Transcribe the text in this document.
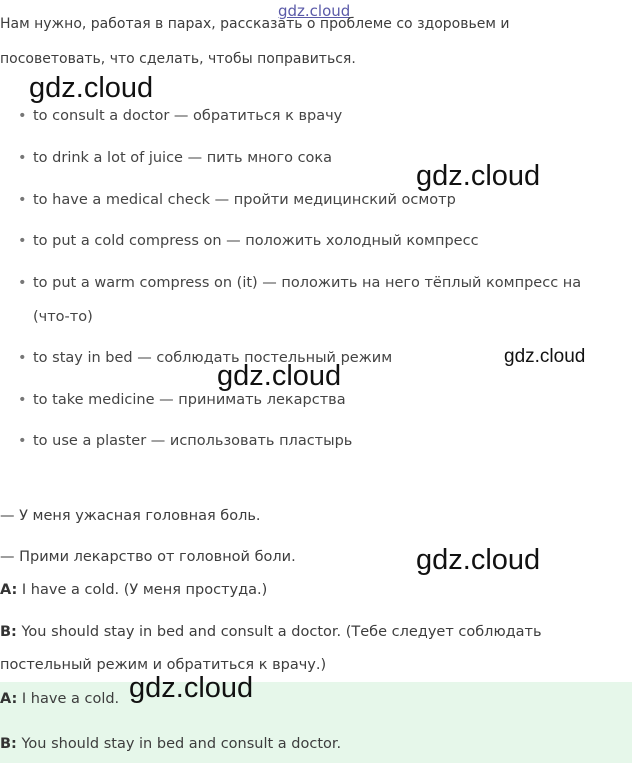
gdz.cloud
Нам нужно, работая в парах, рассказать о проблеме со здоровьем и
посоветовать, что сделать, чтобы поправиться.
• to consult a doctor — обратиться к врачу
• to drink a lot of juice — пить много сока
• to have a medical check — пройти медицинский осмотр
• to put a cold compress on — положить холодный компресс
• to put a warm compress on (it) — положить на него тёплый компресс на
(что-то)
• to stay in bed — соблюдать постельный режим
• to take medicine — принимать лекарства
• to use a plaster — использовать пластырь
— У меня ужасная головная боль.
— Прими лекарство от головной боли.
A: I have a cold. (У меня простуда.)
B: You should stay in bed and consult a doctor. (Тебе следует соблюдать
постельный режим и обратиться к врачу.)
A: I have a cold.
B: You should stay in bed and consult a doctor.
gdz.cloud
gdz.cloud
gdz.cloud
gdz.cloud
gdz.cloud
gdz.cloud
